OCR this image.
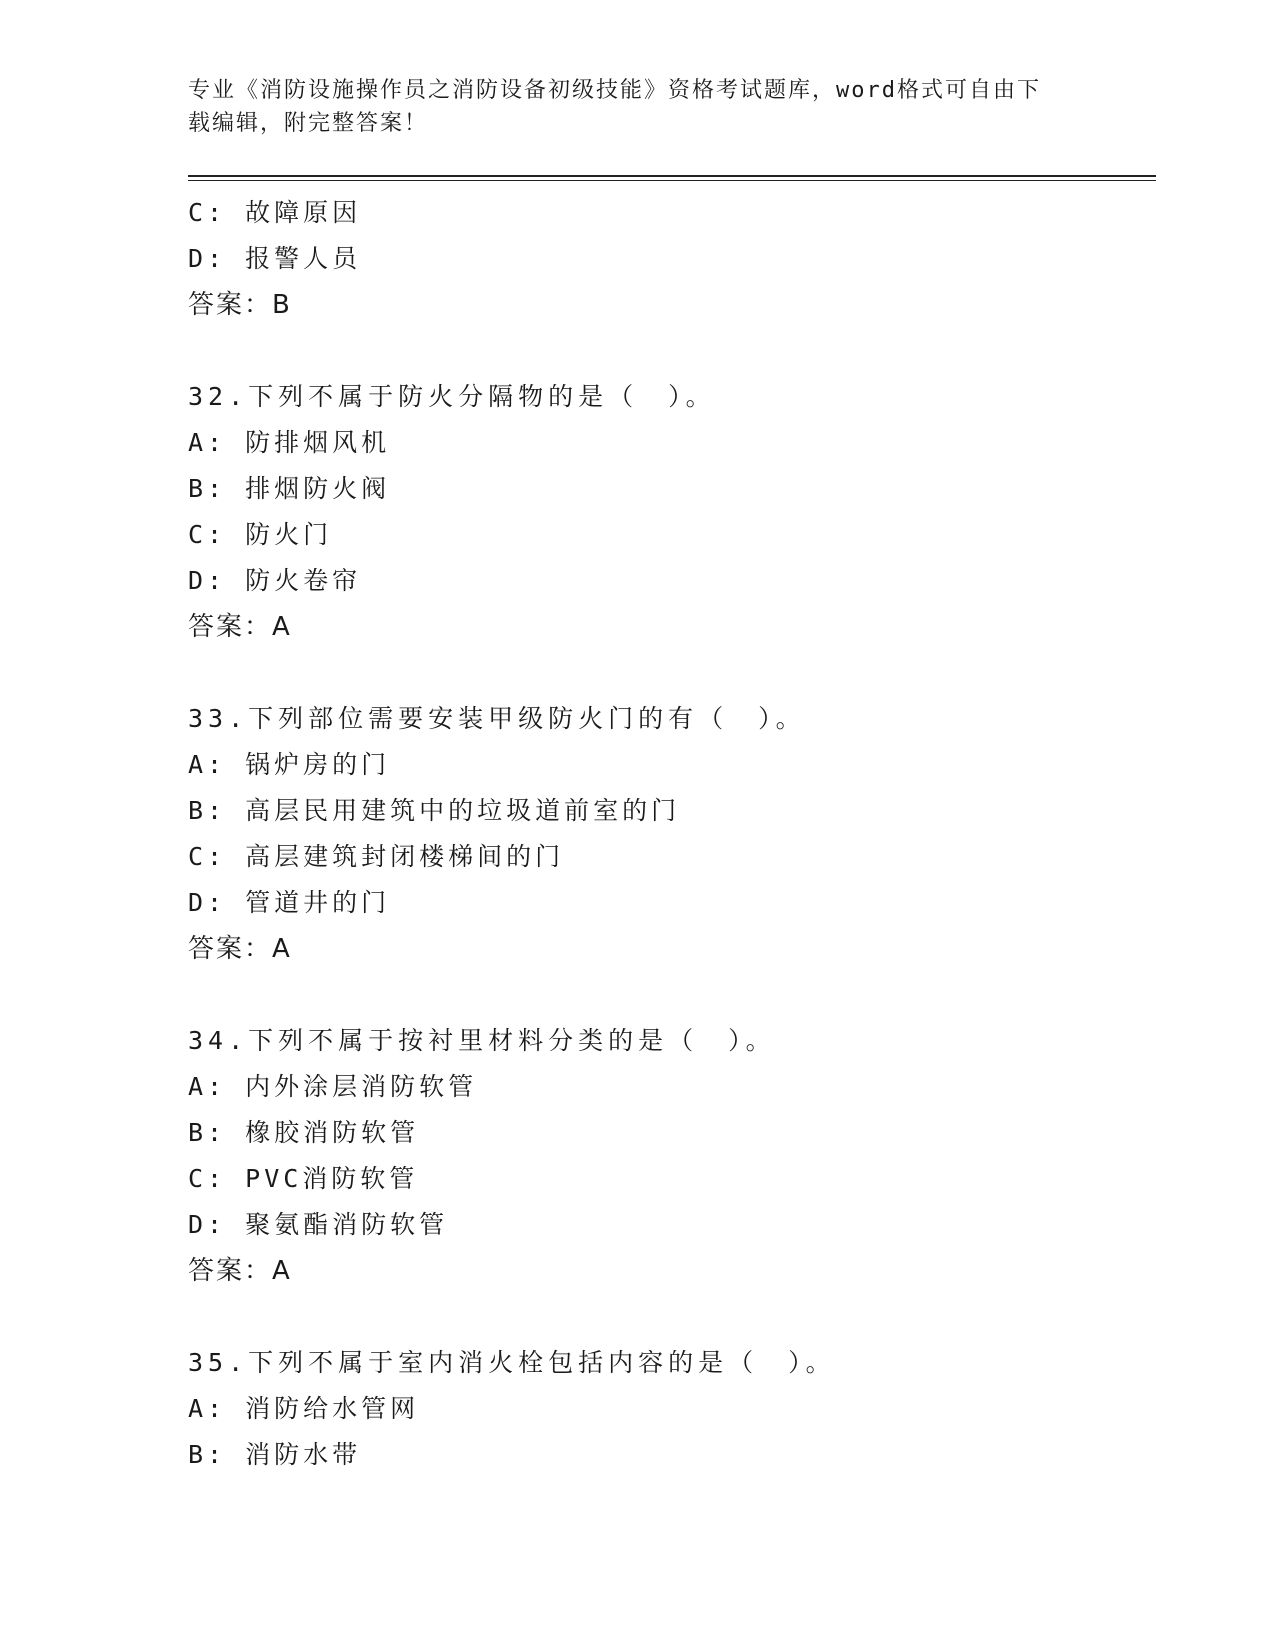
专业《消防设施操作员之消防设备初级技能》资格考试题库，word格式可自由下
载编辑，附完整答案！
C: 故障原因
D: 报警人员
答案：B
32.下列不属于防火分隔物的是（　）。
A: 防排烟风机
B: 排烟防火阀
C: 防火门
D: 防火卷帘
答案：A
33.下列部位需要安装甲级防火门的有（　）。
A: 锅炉房的门
B: 高层民用建筑中的垃圾道前室的门
C: 高层建筑封闭楼梯间的门
D: 管道井的门
答案：A
34.下列不属于按衬里材料分类的是（　）。
A: 内外涂层消防软管
B: 橡胶消防软管
C: PVC消防软管
D: 聚氨酯消防软管
答案：A
35.下列不属于室内消火栓包括内容的是（　）。
A: 消防给水管网
B: 消防水带
